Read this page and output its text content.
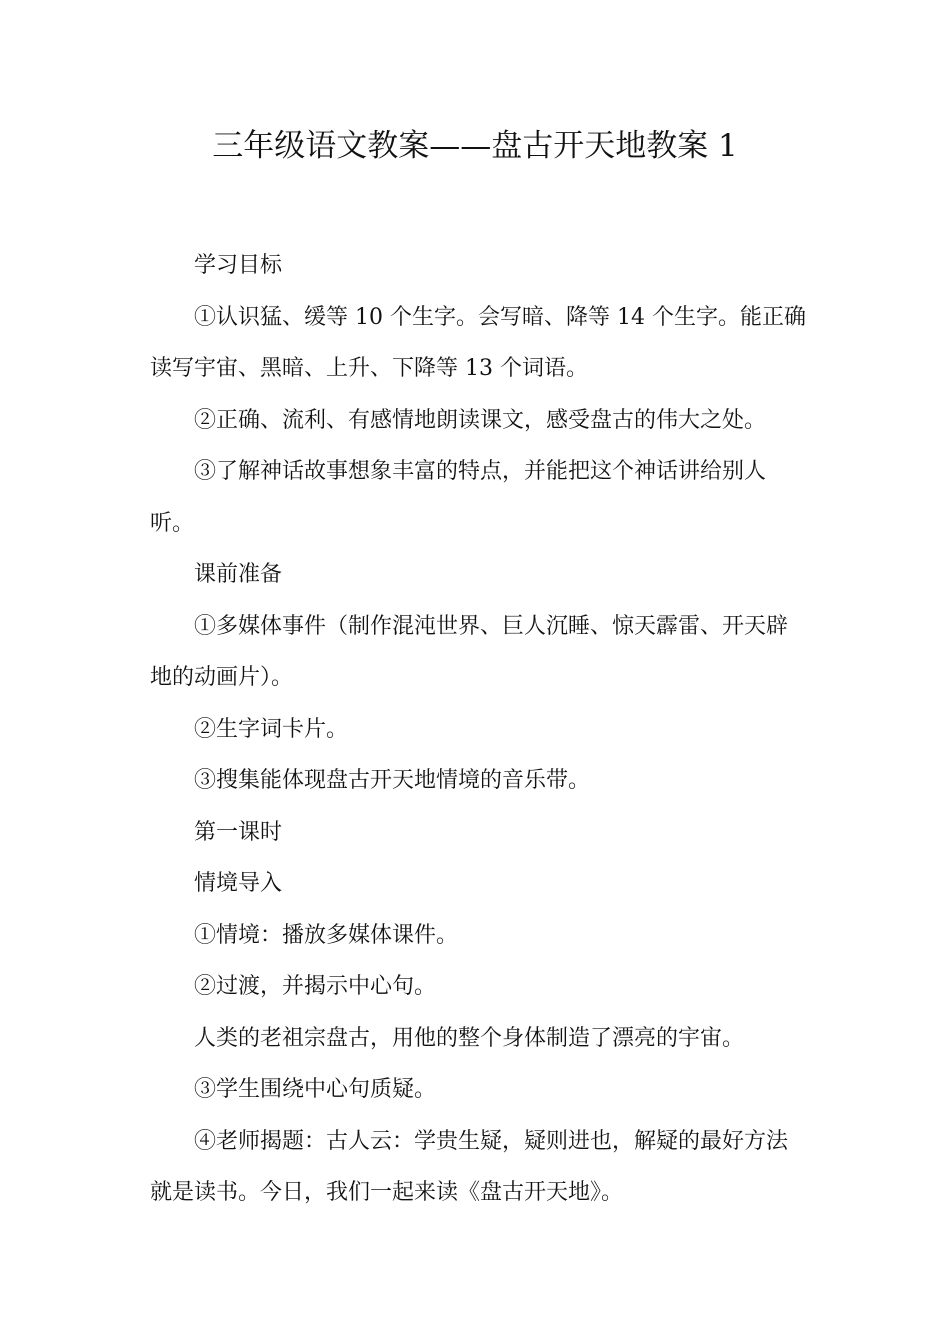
三年级语文教案——盘古开天地教案 1

学习目标

①认识猛、缓等 10 个生字。会写暗、降等 14 个生字。能正确

读写宇宙、黑暗、上升、下降等 13 个词语。

②正确、流利、有感情地朗读课文，感受盘古的伟大之处。

③了解神话故事想象丰富的特点，并能把这个神话讲给别人

听。

课前准备

①多媒体事件（制作混沌世界、巨人沉睡、惊天霹雷、开天辟

地的动画片）。

②生字词卡片。

③搜集能体现盘古开天地情境的音乐带。

第一课时

情境导入

①情境：播放多媒体课件。

②过渡，并揭示中心句。

人类的老祖宗盘古，用他的整个身体制造了漂亮的宇宙。

③学生围绕中心句质疑。

④老师揭题：古人云：学贵生疑，疑则进也，解疑的最好方法

就是读书。今日，我们一起来读《盘古开天地》。
